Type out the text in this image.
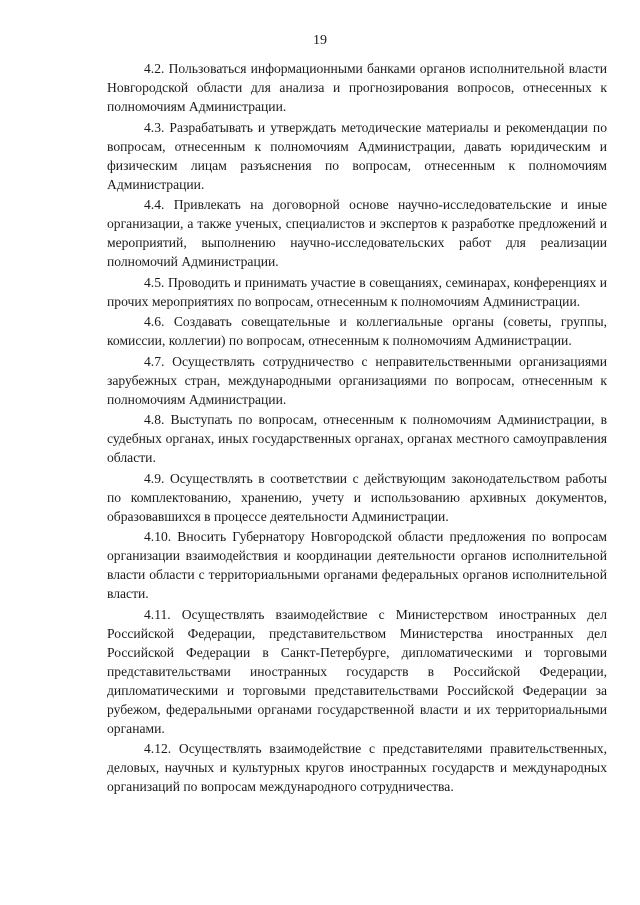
19

4.2. Пользоваться информационными банками органов исполнительной власти Новгородской области для анализа и прогнозирования вопросов, отнесенных к полномочиям Администрации.

4.3. Разрабатывать и утверждать методические материалы и рекомендации по вопросам, отнесенным к полномочиям Администрации, давать юридическим и физическим лицам разъяснения по вопросам, отнесенным к полномочиям Администрации.

4.4. Привлекать на договорной основе научно-исследовательские и иные организации, а также ученых, специалистов и экспертов к разработке предложений и мероприятий, выполнению научно-исследовательских работ для реализации полномочий Администрации.

4.5. Проводить и принимать участие в совещаниях, семинарах, конференциях и прочих мероприятиях по вопросам, отнесенным к полномочиям Администрации.

4.6. Создавать совещательные и коллегиальные органы (советы, группы, комиссии, коллегии) по вопросам, отнесенным к полномочиям Администрации.

4.7. Осуществлять сотрудничество с неправительственными организациями зарубежных стран, международными организациями по вопросам, отнесенным к полномочиям Администрации.

4.8. Выступать по вопросам, отнесенным к полномочиям Администрации, в судебных органах, иных государственных органах, органах местного самоуправления области.

4.9. Осуществлять в соответствии с действующим законодательством работы по комплектованию, хранению, учету и использованию архивных документов, образовавшихся в процессе деятельности Администрации.

4.10. Вносить Губернатору Новгородской области предложения по вопросам организации взаимодействия и координации деятельности органов исполнительной власти области с территориальными органами федеральных органов исполнительной власти.

4.11. Осуществлять взаимодействие с Министерством иностранных дел Российской Федерации, представительством Министерства иностранных дел Российской Федерации в Санкт-Петербурге, дипломатическими и торговыми представительствами иностранных государств в Российской Федерации, дипломатическими и торговыми представительствами Российской Федерации за рубежом, федеральными органами государственной власти и их территориальными органами.

4.12. Осуществлять взаимодействие с представителями правительственных, деловых, научных и культурных кругов иностранных государств и международных организаций по вопросам международного сотрудничества.
